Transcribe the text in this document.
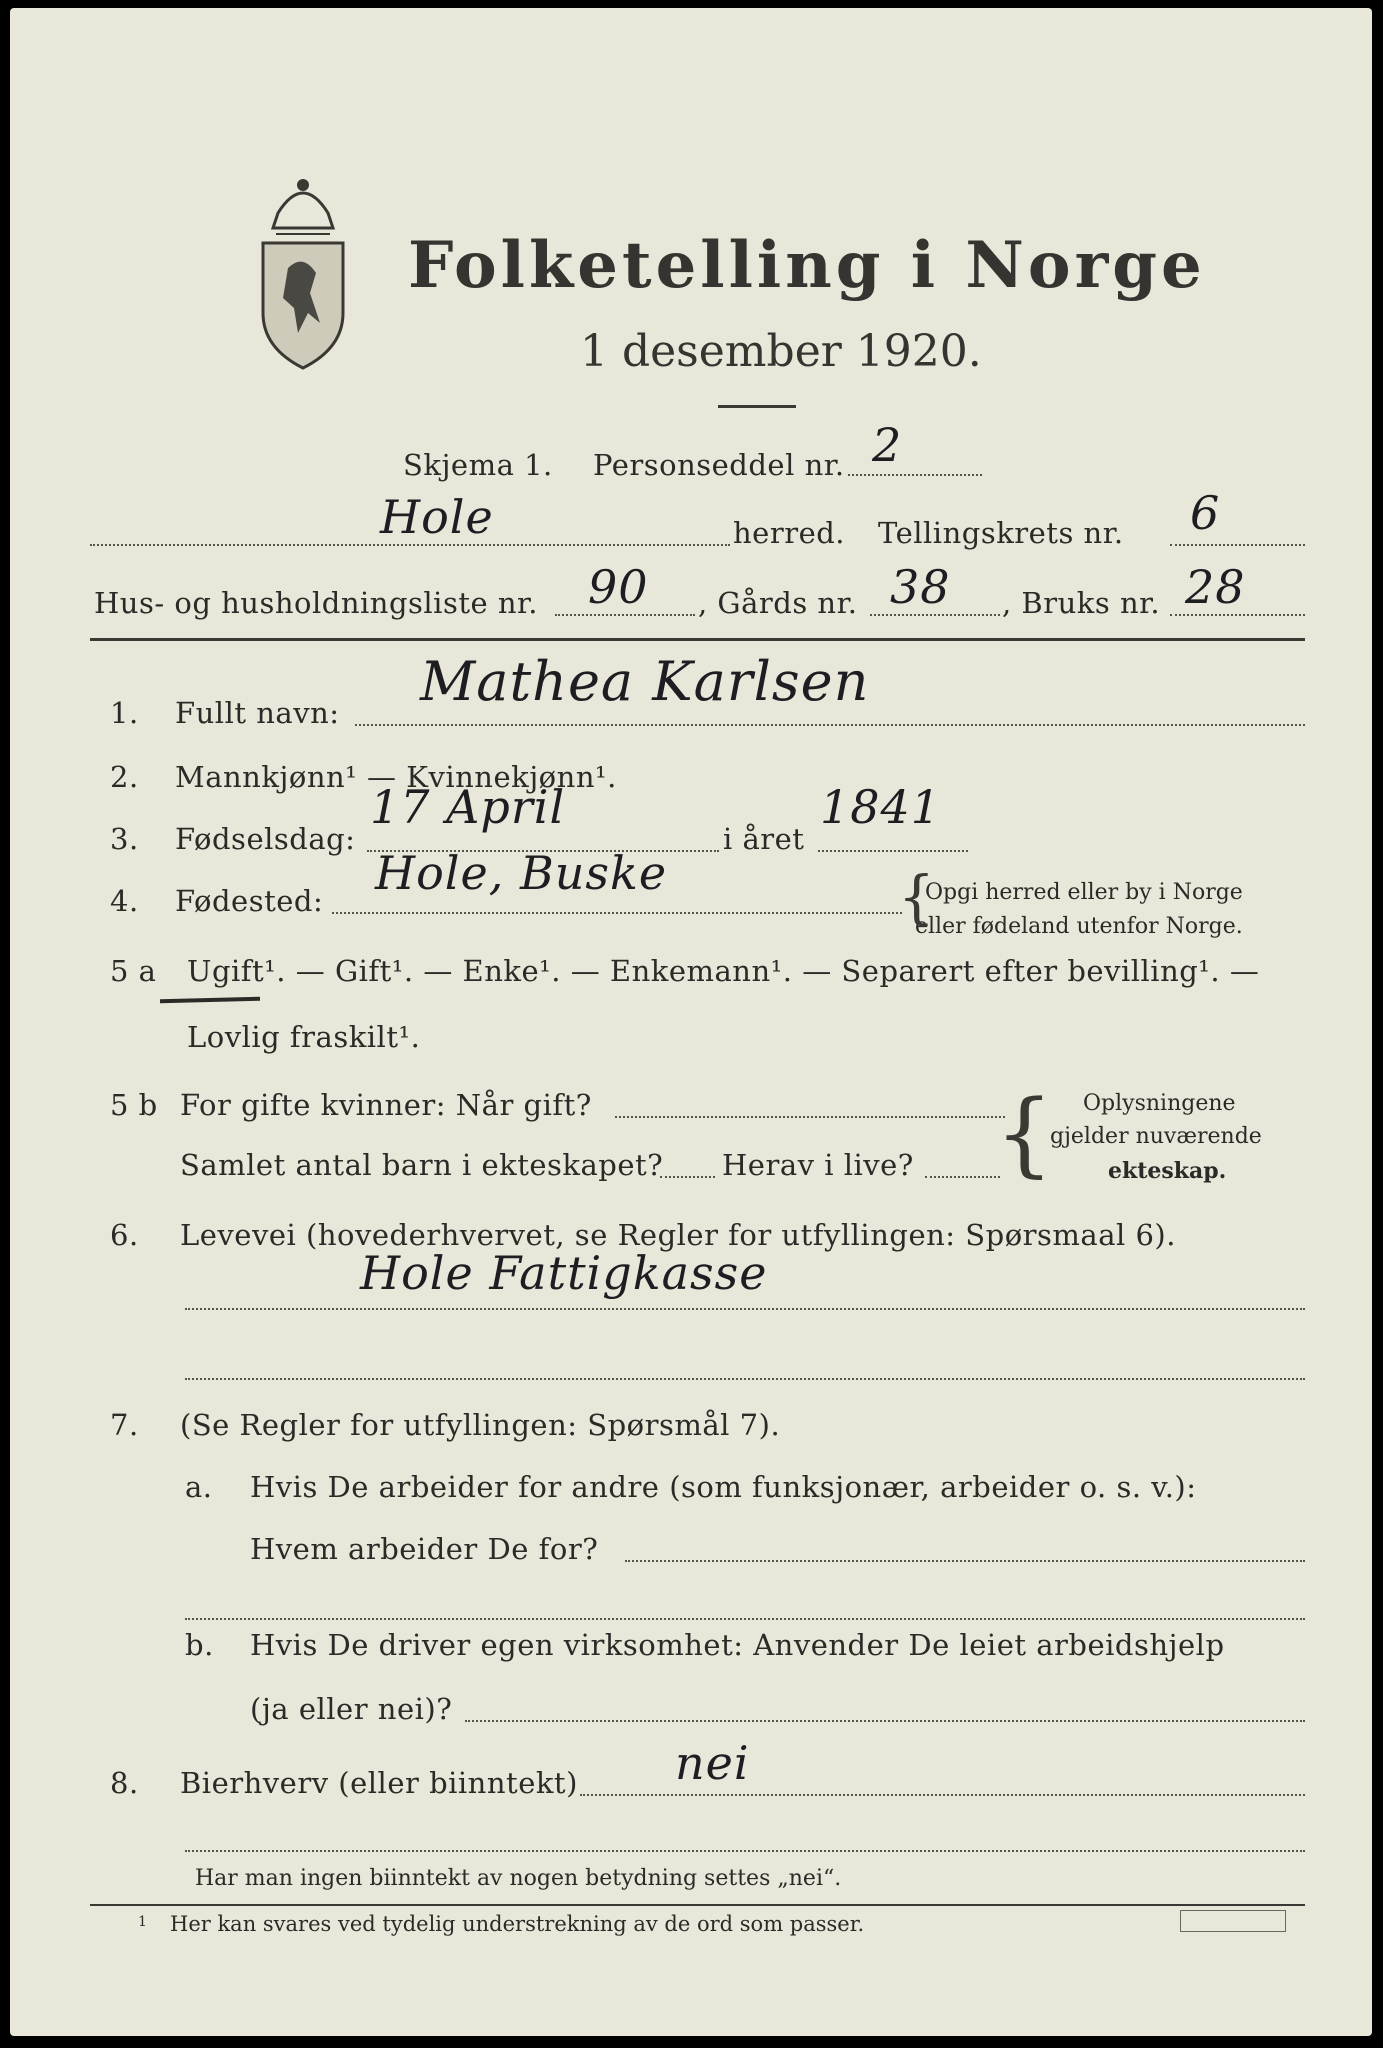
Folketelling i Norge
1 desember 1920.
Skjema 1. Personseddel nr. 2
Hole	herred. Tellingskrets nr. 6
Hus- og husholdningsliste nr. 90 , Gårds nr. 38 , Bruks nr. 28
1. Fullt navn: Mathea Karlsen
2. Mannkjønn¹ — Kvinnekjønn¹.
3. Fødselsdag:
17 April
i året
1841
4. Fødested:
Hole, Buske	Opgi herred eller by i Norge
eller fødeland utenfor Norge.
{
5 a Ugift¹. — Gift¹. — Enke¹. — Enkemann¹. — Separert efter bevilling¹. —
Lovlig fraskilt¹.
5 b For gifte kvinner: Når gift?
Samlet antal barn i ekteskapet? Herav i live? { Oplysningene
gjelder nuværende
ekteskap.
6. Levevei (hovederhvervet, se Regler for utfyllingen: Spørsmaal 6).
Hole Fattigkasse
7. (Se Regler for utfyllingen: Spørsmål 7).
a. Hvis De arbeider for andre (som funksjonær, arbeider o. s. v.):
Hvem arbeider De for?
b. Hvis De driver egen virksomhet: Anvender De leiet arbeidshjelp
(ja eller nei)?
8. Bierhverv (eller biinntekt) nei
Har man ingen biinntekt av nogen betydning settes „nei“.
1 Her kan svares ved tydelig understrekning av de ord som passer.
